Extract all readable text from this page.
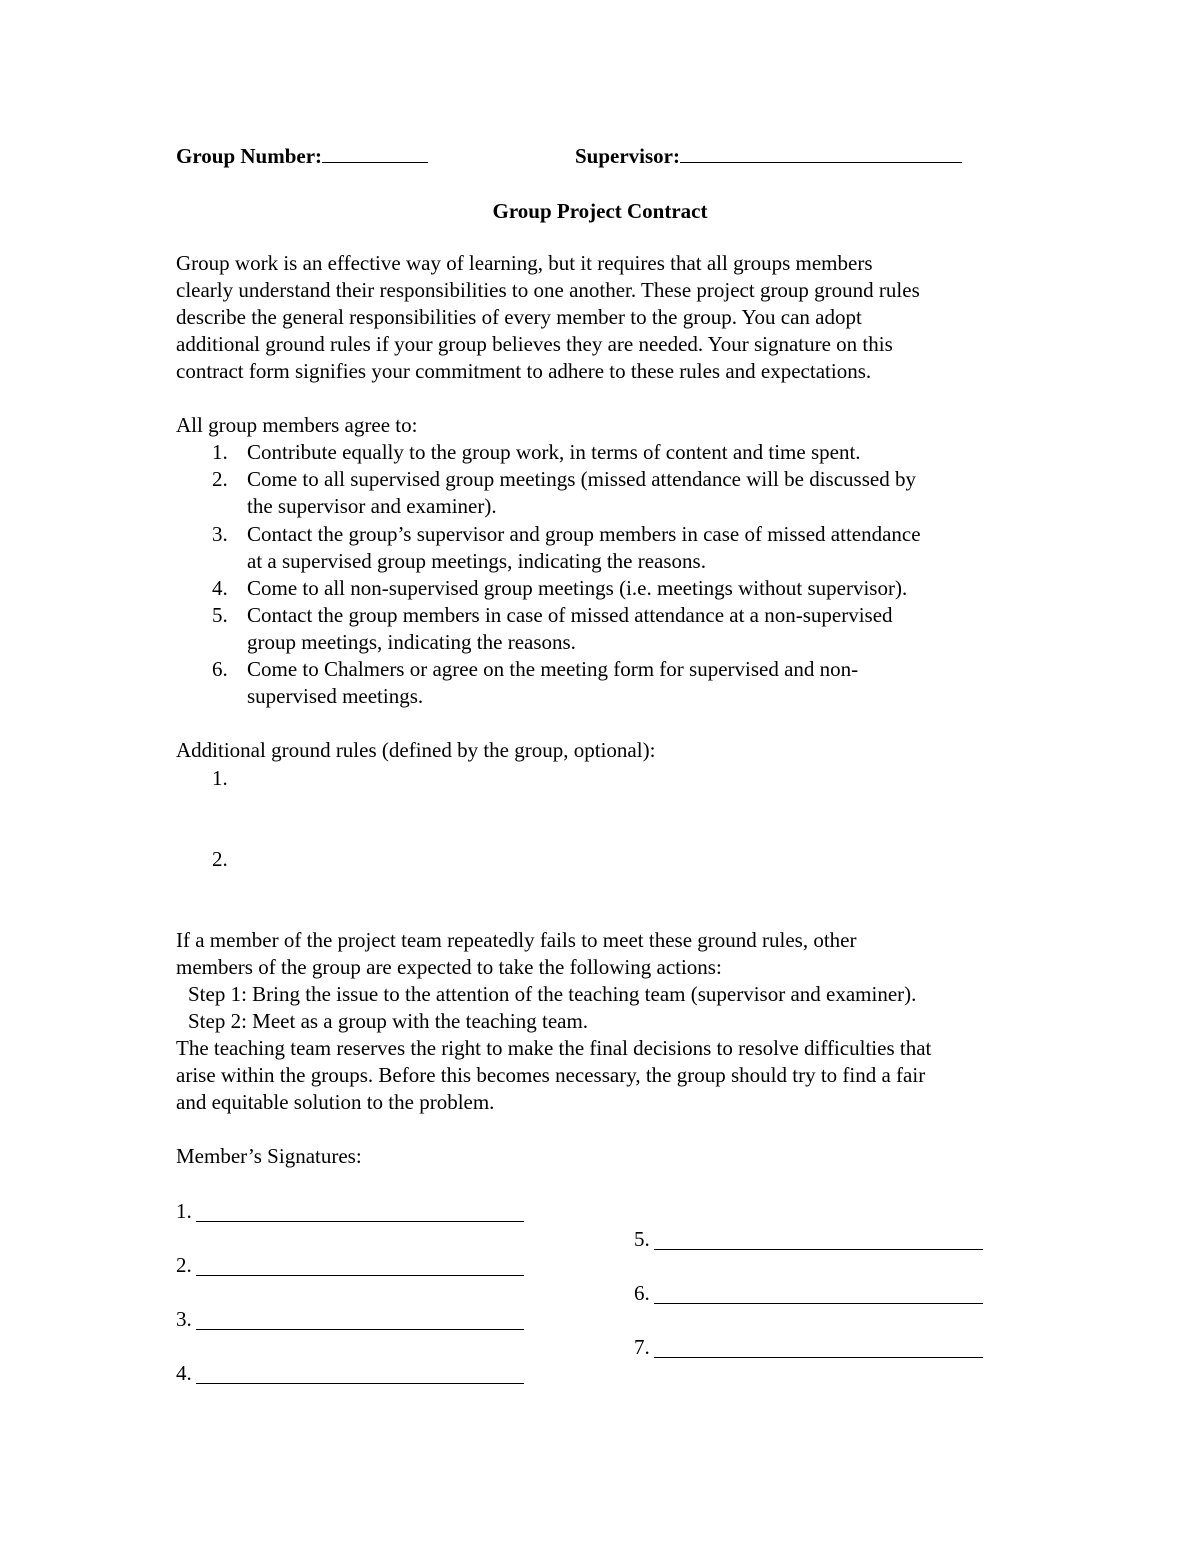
Group Number:	Supervisor:
Group Project Contract
Group work is an effective way of learning, but it requires that all groups members
clearly understand their responsibilities to one another. These project group ground rules
describe the general responsibilities of every member to the group. You can adopt
additional ground rules if your group believes they are needed. Your signature on this
contract form signifies your commitment to adhere to these rules and expectations.
All group members agree to:
1. Contribute equally to the group work, in terms of content and time spent.
2. Come to all supervised group meetings (missed attendance will be discussed by
the supervisor and examiner).
3. Contact the group’s supervisor and group members in case of missed attendance
at a supervised group meetings, indicating the reasons.
4. Come to all non-supervised group meetings (i.e. meetings without supervisor).
5. Contact the group members in case of missed attendance at a non-supervised
group meetings, indicating the reasons.
6. Come to Chalmers or agree on the meeting form for supervised and non-
supervised meetings.
Additional ground rules (defined by the group, optional):
1.
2.
If a member of the project team repeatedly fails to meet these ground rules, other
members of the group are expected to take the following actions:
Step 1: Bring the issue to the attention of the teaching team (supervisor and examiner).
Step 2: Meet as a group with the teaching team.
The teaching team reserves the right to make the final decisions to resolve difficulties that
arise within the groups. Before this becomes necessary, the group should try to find a fair
and equitable solution to the problem.
Member’s Signatures:
1.
2.
3.
4.
5.
6.
7.
